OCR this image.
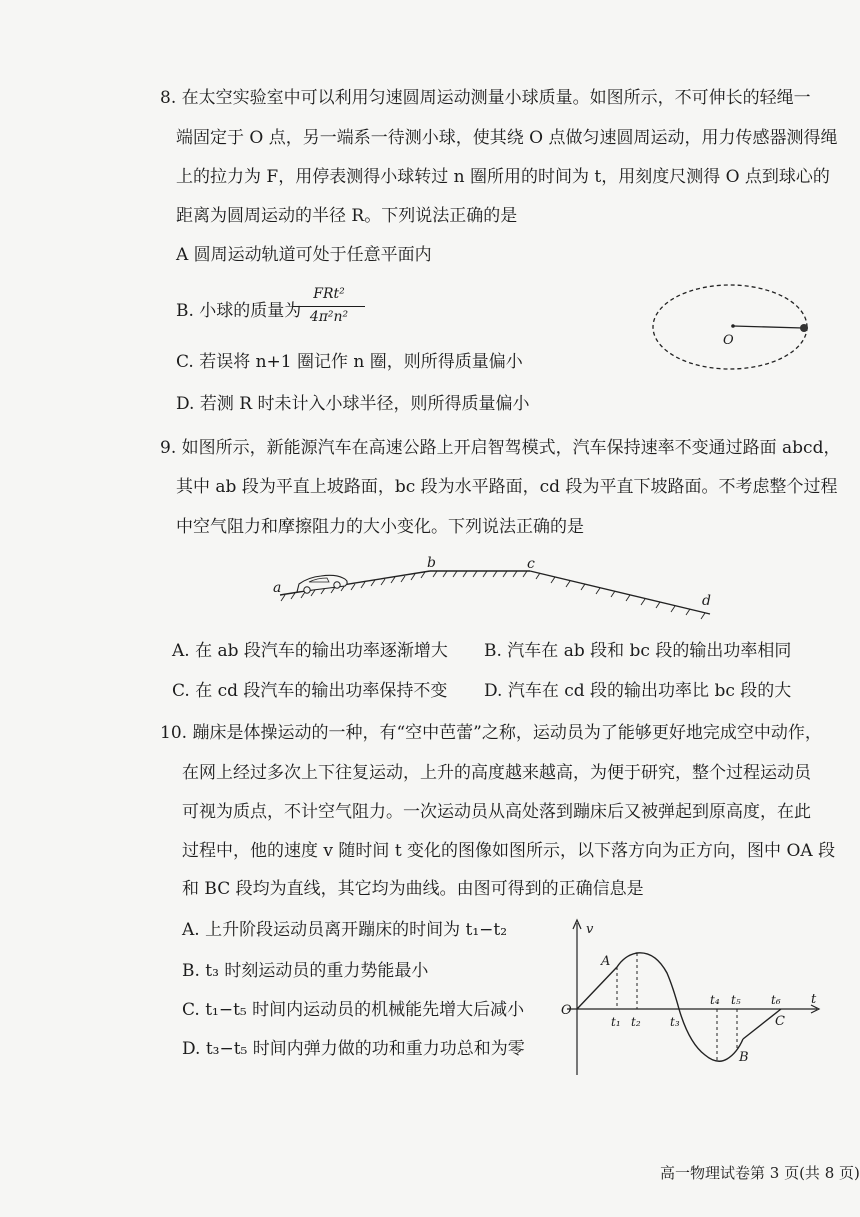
8. 在太空实验室中可以利用匀速圆周运动测量小球质量。如图所示，不可伸长的轻绳一
端固定于 O 点，另一端系一待测小球，使其绕 O 点做匀速圆周运动，用力传感器测得绳
上的拉力为 F，用停表测得小球转过 n 圈所用的时间为 t，用刻度尺测得 O 点到球心的
距离为圆周运动的半径 R。下列说法正确的是
A 圆周运动轨道可处于任意平面内
B. 小球的质量为
FRt²
4π²n²
C. 若误将 n+1 圈记作 n 圈，则所得质量偏小
D. 若测 R 时未计入小球半径，则所得质量偏小
O
9. 如图所示，新能源汽车在高速公路上开启智驾模式，汽车保持速率不变通过路面 abcd，
其中 ab 段为平直上坡路面，bc 段为水平路面，cd 段为平直下坡路面。不考虑整个过程
中空气阻力和摩擦阻力的大小变化。下列说法正确的是
a
b	c
d
A. 在 ab 段汽车的输出功率逐渐增大 B. 汽车在 ab 段和 bc 段的输出功率相同
C. 在 cd 段汽车的输出功率保持不变 D. 汽车在 cd 段的输出功率比 bc 段的大
10. 蹦床是体操运动的一种，有“空中芭蕾”之称，运动员为了能够更好地完成空中动作，
在网上经过多次上下往复运动，上升的高度越来越高，为便于研究，整个过程运动员
可视为质点，不计空气阻力。一次运动员从高处落到蹦床后又被弹起到原高度，在此
过程中，他的速度 v 随时间 t 变化的图像如图所示，以下落方向为正方向，图中 OA 段
和 BC 段均为直线，其它均为曲线。由图可得到的正确信息是
A. 上升阶段运动员离开蹦床的时间为 t₁−t₂
B. t₃ 时刻运动员的重力势能最小
C. t₁−t₅ 时间内运动员的机械能先增大后减小
D. t₃−t₅ 时间内弹力做的功和重力功总和为零
v
t
O
A
B
C
t₁ t₂ t₃
t₄ t₅	t₆
高一物理试卷第 3 页(共 8 页)
